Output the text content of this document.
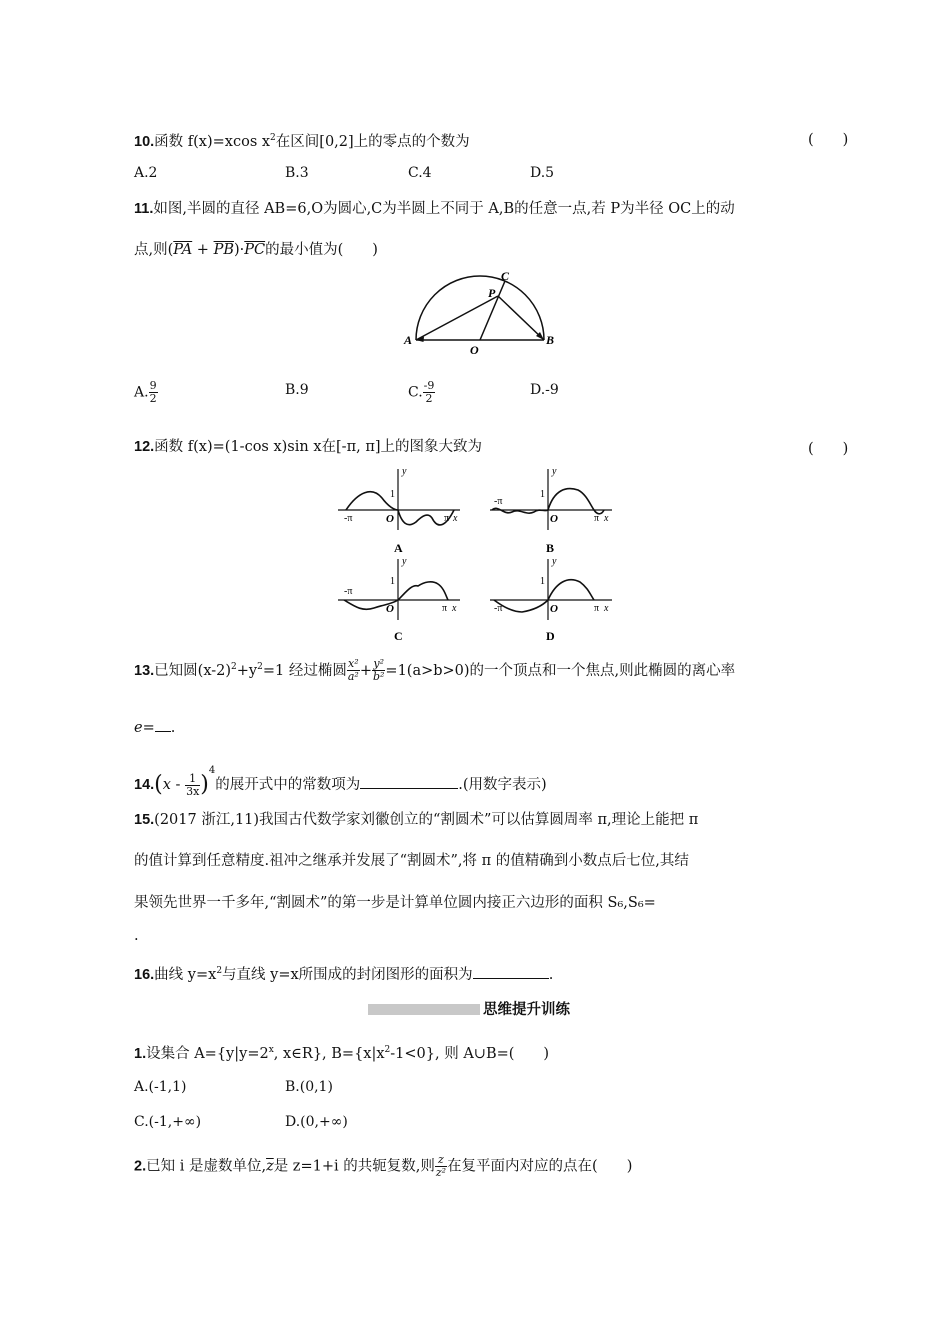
10.函数 f(x)=xcos $x^2$在区间[0,2]上的零点的个数为	(　　)
A.2	B.3	C.4	D.5
11.如图,半圆的直径 AB=6,O为圆心,C为半圆上不同于 A,B的任意一点,若 P为半径 OC上的动
点,则$(\overline{PA} + \overline{PB})\cdot\overline{PC}$的最小值为(　　)
A	B
O
P
C
A. $\frac{9}{2}$	B.9	C. $\frac{-9}{2}$	D.-9
12.函数 f(x)=(1-cos x)sin x在[-π, π]上的图象大致为	(　　)
y
1
-π	O	π x
A
y
1
-π
O	π x
B
y
1
-π
O	π x
C
y
1
-π	O	π x
D
13.已知圆$(x-2)^2+y^2=1$ 经过椭圆 $\frac{\text{x²}}{\text{a²}} + \frac{\text{y²}}{\text{b²}} =1(a>b>0)$的一个顶点和一个焦点,则此椭圆的离心率
e= .
$14.(x - \frac{1}{3x} )^4$的展开式中的常数项为	.(用数字表示)
15.(2017 浙江,11)我国古代数学家刘徽创立的“割圆术”可以估算圆周率 π,理论上能把 π
的值计算到任意精度.祖冲之继承并发展了“割圆术”,将 π 的值精确到小数点后七位,其结
果领先世界一千多年,“割圆术”的第一步是计算单位圆内接正六边形的面积 S₆,S₆=
.
16.曲线 $y=x^2$与直线 y=x所围成的封闭图形的面积为	.
思维提升训练
1.设集合 $A=\{y|y=2^x$, x∈R}, $B=\{x|x^2-1<0\}$, 则 A∪B=(　　)
A.(-1,1)	B.(0,1)
C.(-1,+∞)	D.(0,+∞)
2.已知 i 是虚数单位$,\overline{z}$是 z=1+i 的共轭复数,则 $\frac{z}{\text{z²}}$ 在复平面内对应的点在(　　)
